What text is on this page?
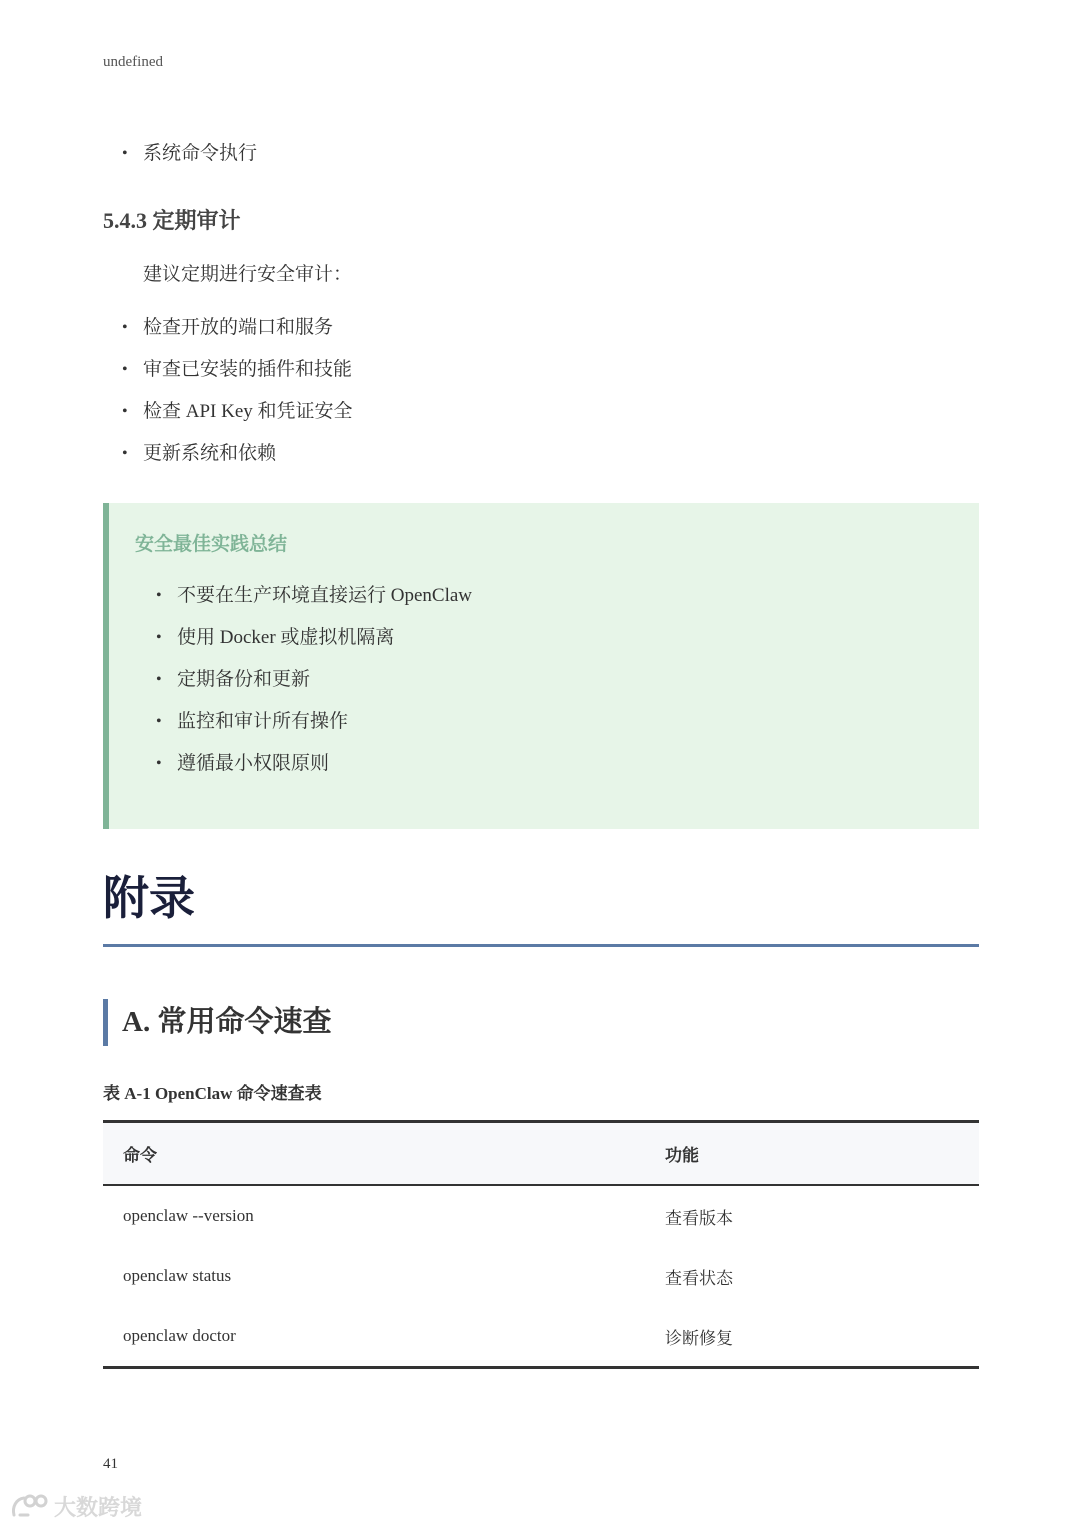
undefined
• 系统命令执行
5.4.3 定期审计
建议定期进行安全审计：
• 检查开放的端口和服务
• 审查已安装的插件和技能
• 检查 API Key 和凭证安全
• 更新系统和依赖
安全最佳实践总结
• 不要在生产环境直接运行 OpenClaw
• 使用 Docker 或虚拟机隔离
• 定期备份和更新
• 监控和审计所有操作
• 遵循最小权限原则
附录
A. 常用命令速查
表 A-1 OpenClaw 命令速查表
命令	功能
openclaw --version	查看版本
openclaw status	查看状态
openclaw doctor	诊断修复
41
大数跨境
